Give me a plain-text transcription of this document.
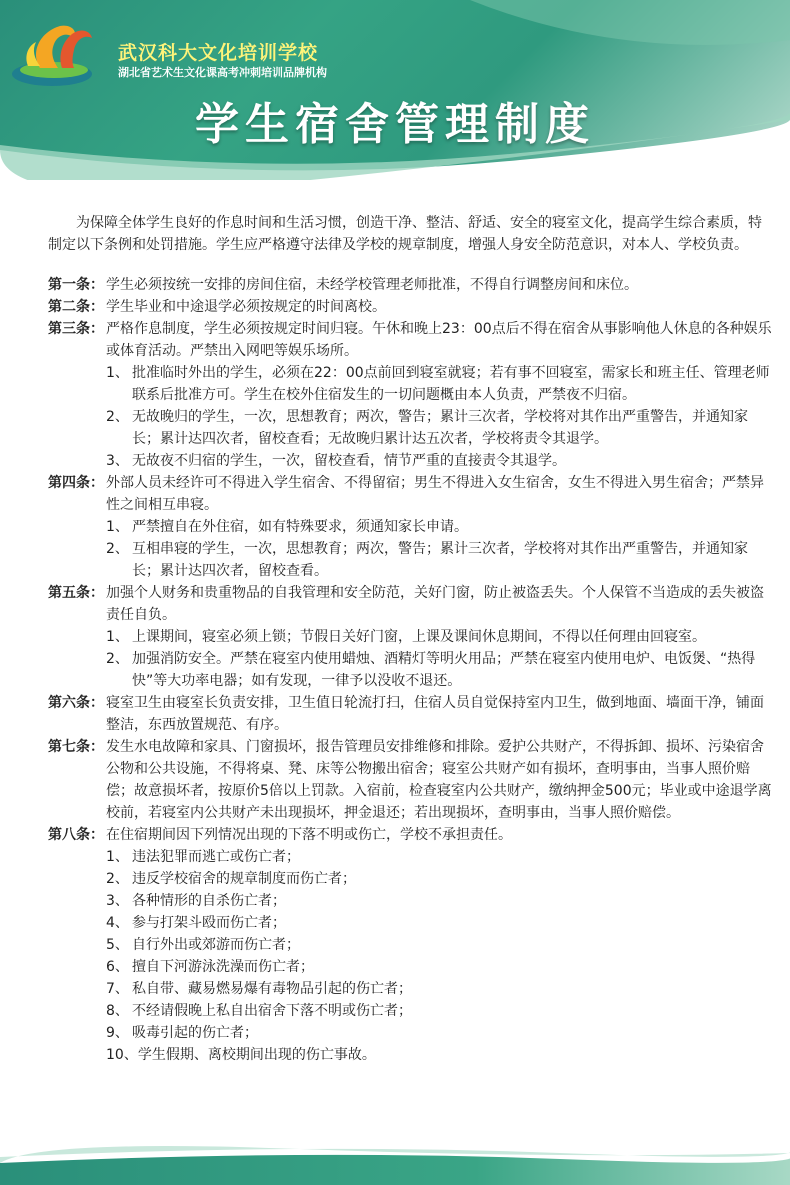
武汉科大文化培训学校
湖北省艺术生文化课高考冲刺培训品牌机构
学生宿舍管理制度

为保障全体学生良好的作息时间和生活习惯，创造干净、整洁、舒适、安全的寝室文化，提高学生综合素质，特制定以下条例和处罚措施。学生应严格遵守法律及学校的规章制度，增强人身安全防范意识，对本人、学校负责。

第一条： 学生必须按统一安排的房间住宿，未经学校管理老师批准，不得自行调整房间和床位。
第二条： 学生毕业和中途退学必须按规定的时间离校。
第三条： 严格作息制度，学生必须按规定时间归寝。午休和晚上23：00点后不得在宿舍从事影响他人休息的各种娱乐或体育活动。严禁出入网吧等娱乐场所。
1、 批准临时外出的学生，必须在22：00点前回到寝室就寝；若有事不回寝室，需家长和班主任、管理老师联系后批准方可。学生在校外住宿发生的一切问题概由本人负责，严禁夜不归宿。
2、 无故晚归的学生，一次，思想教育；两次，警告；累计三次者，学校将对其作出严重警告，并通知家长；累计达四次者，留校查看；无故晚归累计达五次者，学校将责令其退学。
3、 无故夜不归宿的学生，一次，留校查看，情节严重的直接责令其退学。
第四条： 外部人员未经许可不得进入学生宿舍、不得留宿；男生不得进入女生宿舍，女生不得进入男生宿舍；严禁异性之间相互串寝。
1、 严禁擅自在外住宿，如有特殊要求，须通知家长申请。
2、 互相串寝的学生，一次，思想教育；两次，警告；累计三次者，学校将对其作出严重警告，并通知家长；累计达四次者，留校查看。
第五条： 加强个人财务和贵重物品的自我管理和安全防范，关好门窗，防止被盗丢失。个人保管不当造成的丢失被盗责任自负。
1、 上课期间，寝室必须上锁；节假日关好门窗，上课及课间休息期间，不得以任何理由回寝室。
2、 加强消防安全。严禁在寝室内使用蜡烛、酒精灯等明火用品；严禁在寝室内使用电炉、电饭煲、“热得快”等大功率电器；如有发现，一律予以没收不退还。
第六条： 寝室卫生由寝室长负责安排，卫生值日轮流打扫，住宿人员自觉保持室内卫生，做到地面、墙面干净，铺面整洁，东西放置规范、有序。
第七条： 发生水电故障和家具、门窗损坏，报告管理员安排维修和排除。爱护公共财产，不得拆卸、损坏、污染宿舍公物和公共设施，不得将桌、凳、床等公物搬出宿舍；寝室公共财产如有损坏，查明事由，当事人照价赔偿；故意损坏者，按原价5倍以上罚款。入宿前，检查寝室内公共财产，缴纳押金500元；毕业或中途退学离校前，若寝室内公共财产未出现损坏，押金退还；若出现损坏，查明事由，当事人照价赔偿。
第八条： 在住宿期间因下列情况出现的下落不明或伤亡，学校不承担责任。
1、 违法犯罪而逃亡或伤亡者；
2、 违反学校宿舍的规章制度而伤亡者；
3、 各种情形的自杀伤亡者；
4、 参与打架斗殴而伤亡者；
5、 自行外出或郊游而伤亡者；
6、 擅自下河游泳洗澡而伤亡者；
7、 私自带、藏易燃易爆有毒物品引起的伤亡者；
8、 不经请假晚上私自出宿舍下落不明或伤亡者；
9、 吸毒引起的伤亡者；
10、 学生假期、离校期间出现的伤亡事故。
